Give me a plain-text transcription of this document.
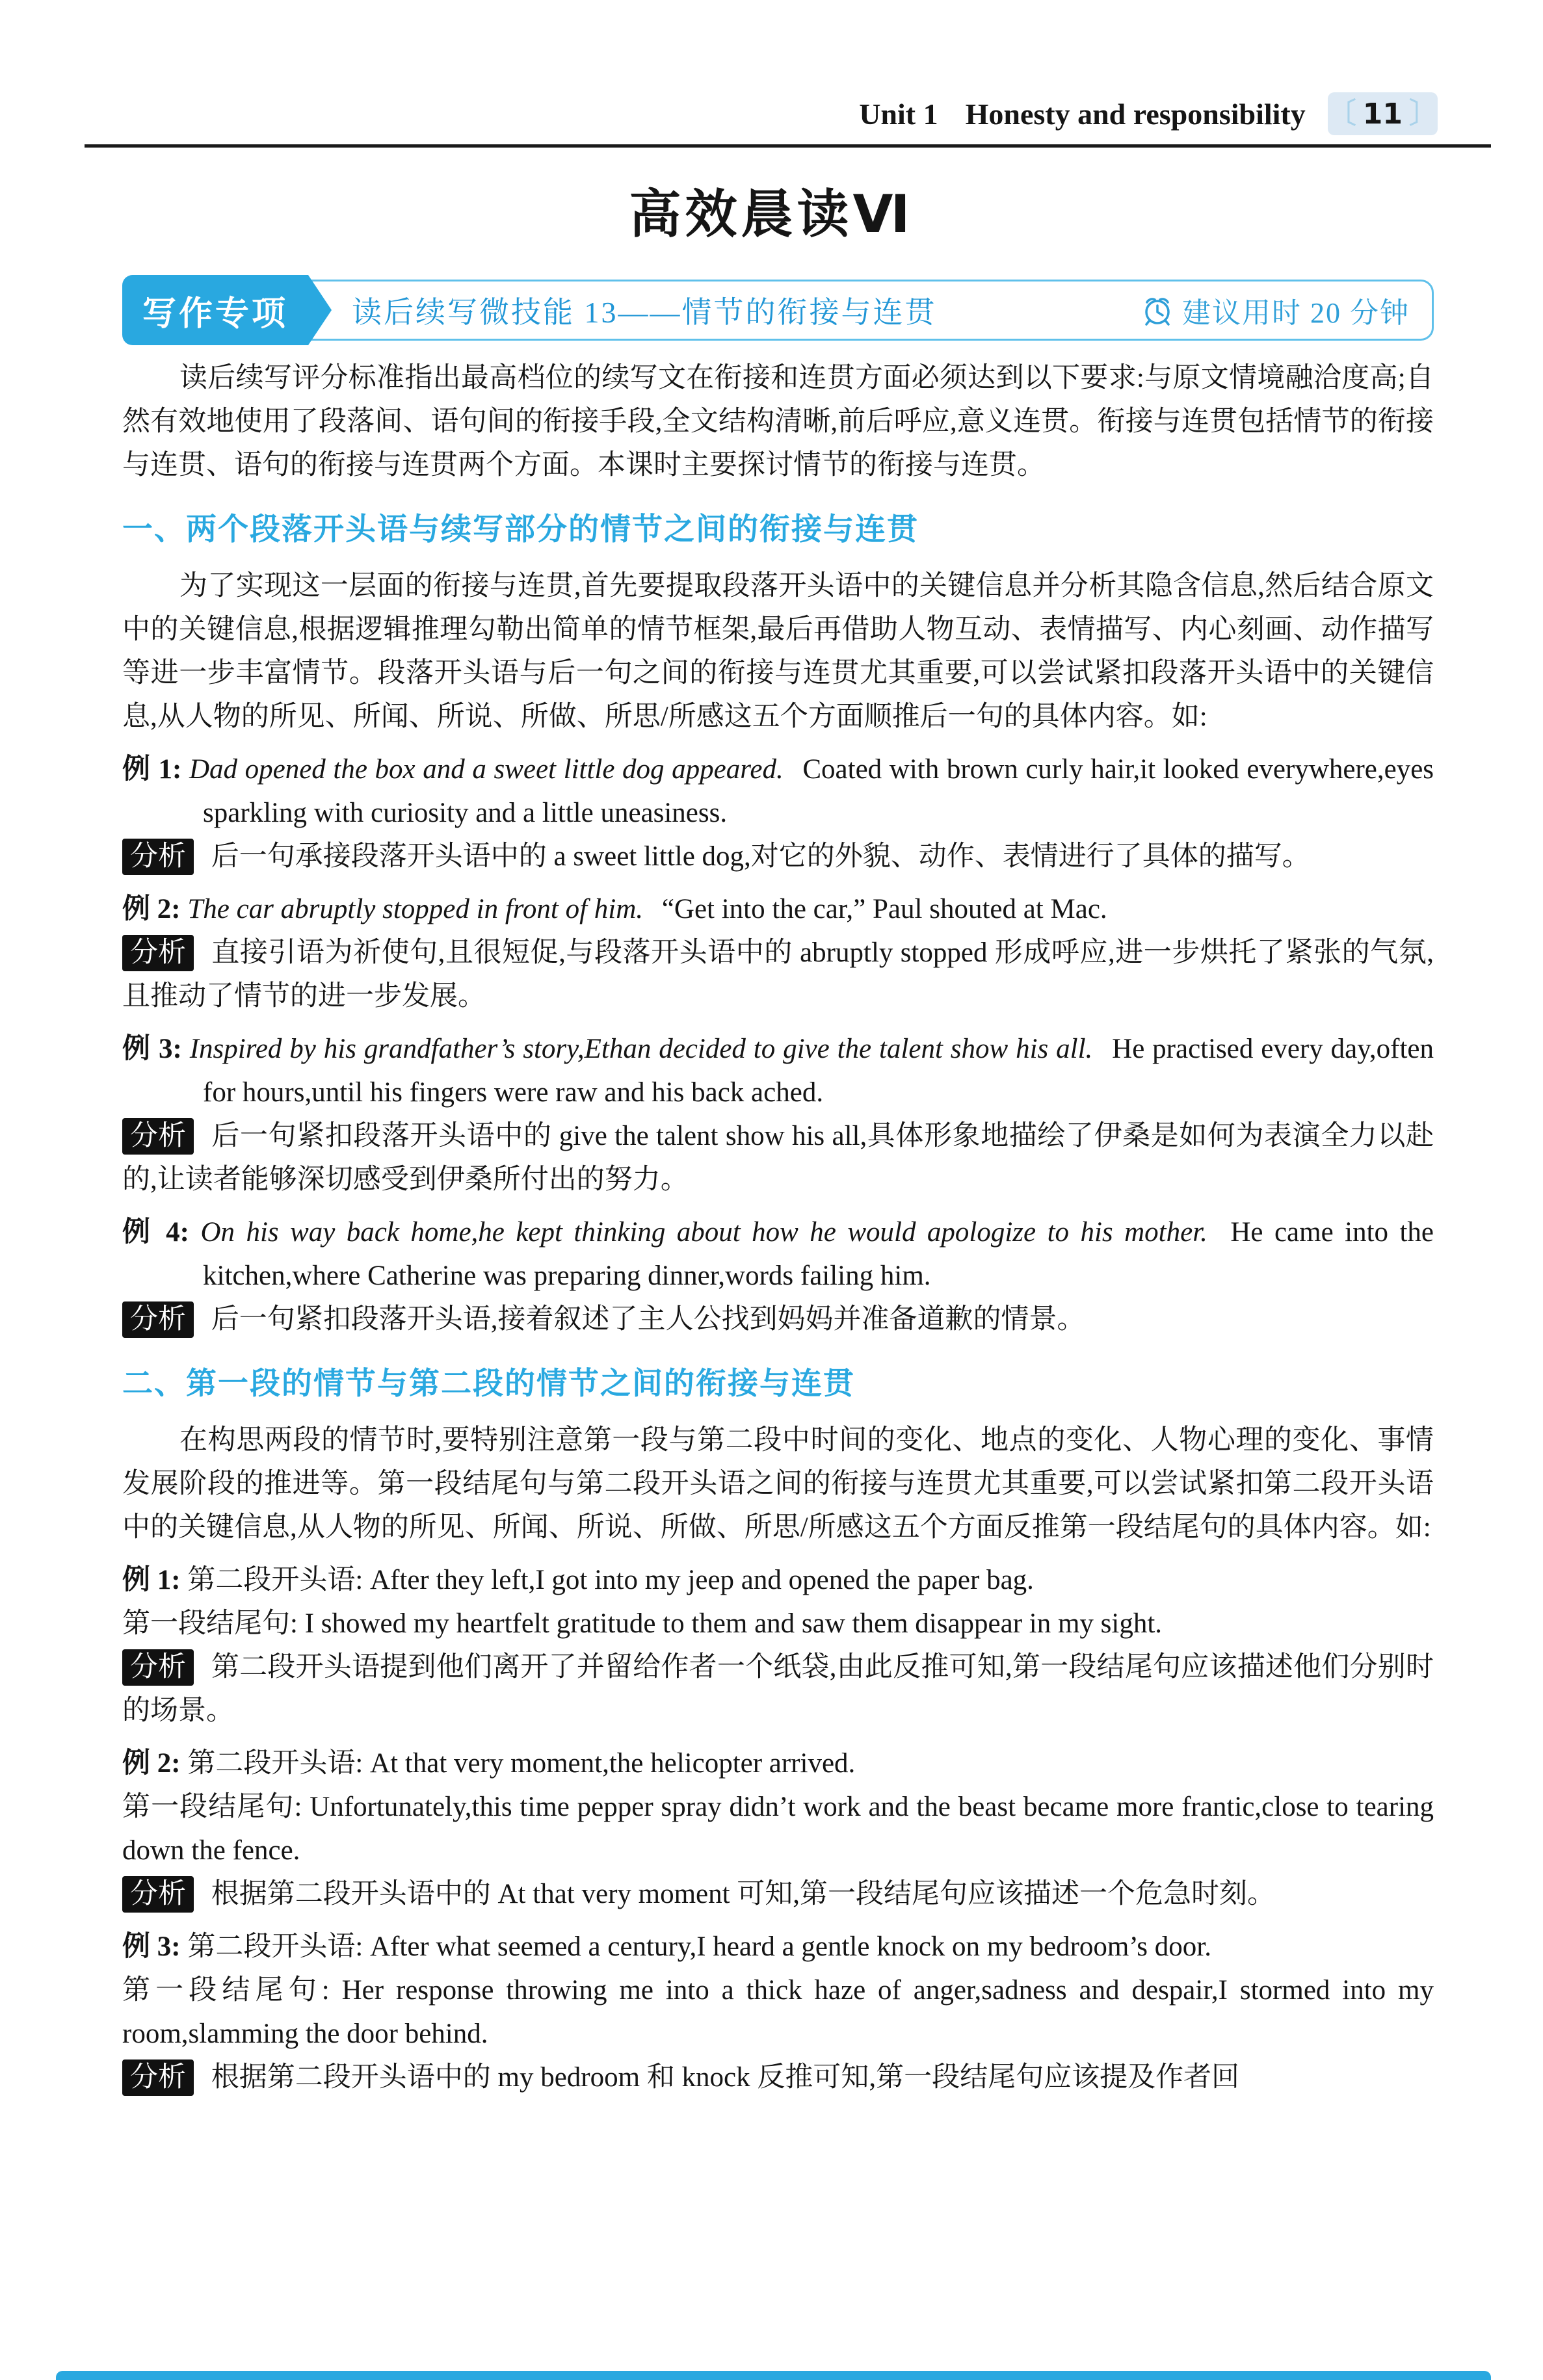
Unit 1 Honesty and responsibility 〔 11 〕
高效晨读Ⅵ
写作专项	读后续写微技能 13——情节的衔接与连贯	建议用时 20 分钟

读后续写评分标准指出最高档位的续写文在衔接和连贯方面必须达到以下要求:与原文情境融洽度高;自然有效地使用了段落间、语句间的衔接手段,全文结构清晰,前后呼应,意义连贯。衔接与连贯包括情节的衔接与连贯、语句的衔接与连贯两个方面。本课时主要探讨情节的衔接与连贯。

一、两个段落开头语与续写部分的情节之间的衔接与连贯

为了实现这一层面的衔接与连贯,首先要提取段落开头语中的关键信息并分析其隐含信息,然后结合原文中的关键信息,根据逻辑推理勾勒出简单的情节框架,最后再借助人物互动、表情描写、内心刻画、动作描写等进一步丰富情节。段落开头语与后一句之间的衔接与连贯尤其重要,可以尝试紧扣段落开头语中的关键信息,从人物的所见、所闻、所说、所做、所思/所感这五个方面顺推后一句的具体内容。如:

例 1: Dad opened the box and a sweet little dog appeared. Coated with brown curly hair,it looked everywhere,eyes sparkling with curiosity and a little uneasiness.

分析 后一句承接段落开头语中的 a sweet little dog,对它的外貌、动作、表情进行了具体的描写。

例 2: The car abruptly stopped in front of him. “Get into the car,” Paul shouted at Mac.

分析 直接引语为祈使句,且很短促,与段落开头语中的 abruptly stopped 形成呼应,进一步烘托了紧张的气氛,且推动了情节的进一步发展。

例 3: Inspired by his grandfather’s story,Ethan decided to give the talent show his all. He practised every day,often for hours,until his fingers were raw and his back ached.

分析 后一句紧扣段落开头语中的 give the talent show his all,具体形象地描绘了伊桑是如何为表演全力以赴的,让读者能够深切感受到伊桑所付出的努力。

例 4: On his way back home,he kept thinking about how he would apologize to his mother. He came into the kitchen,where Catherine was preparing dinner,words failing him.

分析 后一句紧扣段落开头语,接着叙述了主人公找到妈妈并准备道歉的情景。

二、第一段的情节与第二段的情节之间的衔接与连贯

在构思两段的情节时,要特别注意第一段与第二段中时间的变化、地点的变化、人物心理的变化、事情发展阶段的推进等。第一段结尾句与第二段开头语之间的衔接与连贯尤其重要,可以尝试紧扣第二段开头语中的关键信息,从人物的所见、所闻、所说、所做、所思/所感这五个方面反推第一段结尾句的具体内容。如:

例 1: 第二段开头语: After they left,I got into my jeep and opened the paper bag.

第一段结尾句: I showed my heartfelt gratitude to them and saw them disappear in my sight.

分析 第二段开头语提到他们离开了并留给作者一个纸袋,由此反推可知,第一段结尾句应该描述他们分别时的场景。

例 2: 第二段开头语: At that very moment,the helicopter arrived.

第一段结尾句: Unfortunately,this time pepper spray didn’t work and the beast became more frantic,close to tearing down the fence.

分析 根据第二段开头语中的 At that very moment 可知,第一段结尾句应该描述一个危急时刻。

例 3: 第二段开头语: After what seemed a century,I heard a gentle knock on my bedroom’s door.

第一段结尾句: Her response throwing me into a thick haze of anger,sadness and despair,I stormed into my room,slamming the door behind.

分析 根据第二段开头语中的 my bedroom 和 knock 反推可知,第一段结尾句应该提及作者回
